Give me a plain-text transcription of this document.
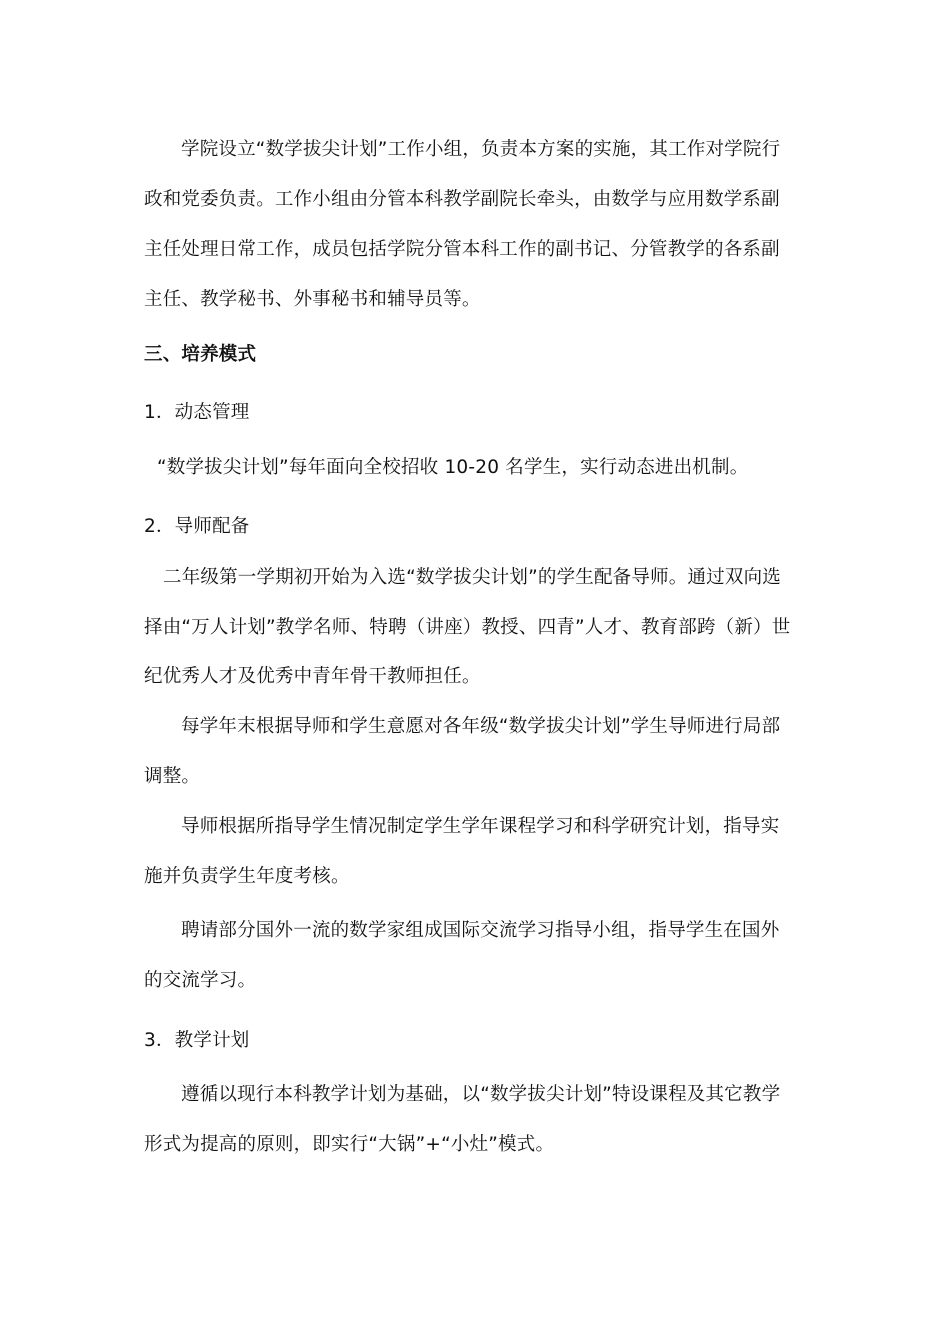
学院设立“数学拔尖计划”工作小组，负责本方案的实施，其工作对学院行
政和党委负责。工作小组由分管本科教学副院长牵头，由数学与应用数学系副
主任处理日常工作，成员包括学院分管本科工作的副书记、分管教学的各系副
主任、教学秘书、外事秘书和辅导员等。
三、培养模式
1．动态管理
“数学拔尖计划”每年面向全校招收 10-20 名学生，实行动态进出机制。
2．导师配备
二年级第一学期初开始为入选“数学拔尖计划”的学生配备导师。通过双向选
择由“万人计划”教学名师、特聘（讲座）教授、四青”人才、教育部跨（新）世
纪优秀人才及优秀中青年骨干教师担任。
每学年末根据导师和学生意愿对各年级“数学拔尖计划”学生导师进行局部
调整。
导师根据所指导学生情况制定学生学年课程学习和科学研究计划，指导实
施并负责学生年度考核。
聘请部分国外一流的数学家组成国际交流学习指导小组，指导学生在国外
的交流学习。
3．教学计划
遵循以现行本科教学计划为基础，以“数学拔尖计划”特设课程及其它教学
形式为提高的原则，即实行“大锅”+“小灶”模式。
